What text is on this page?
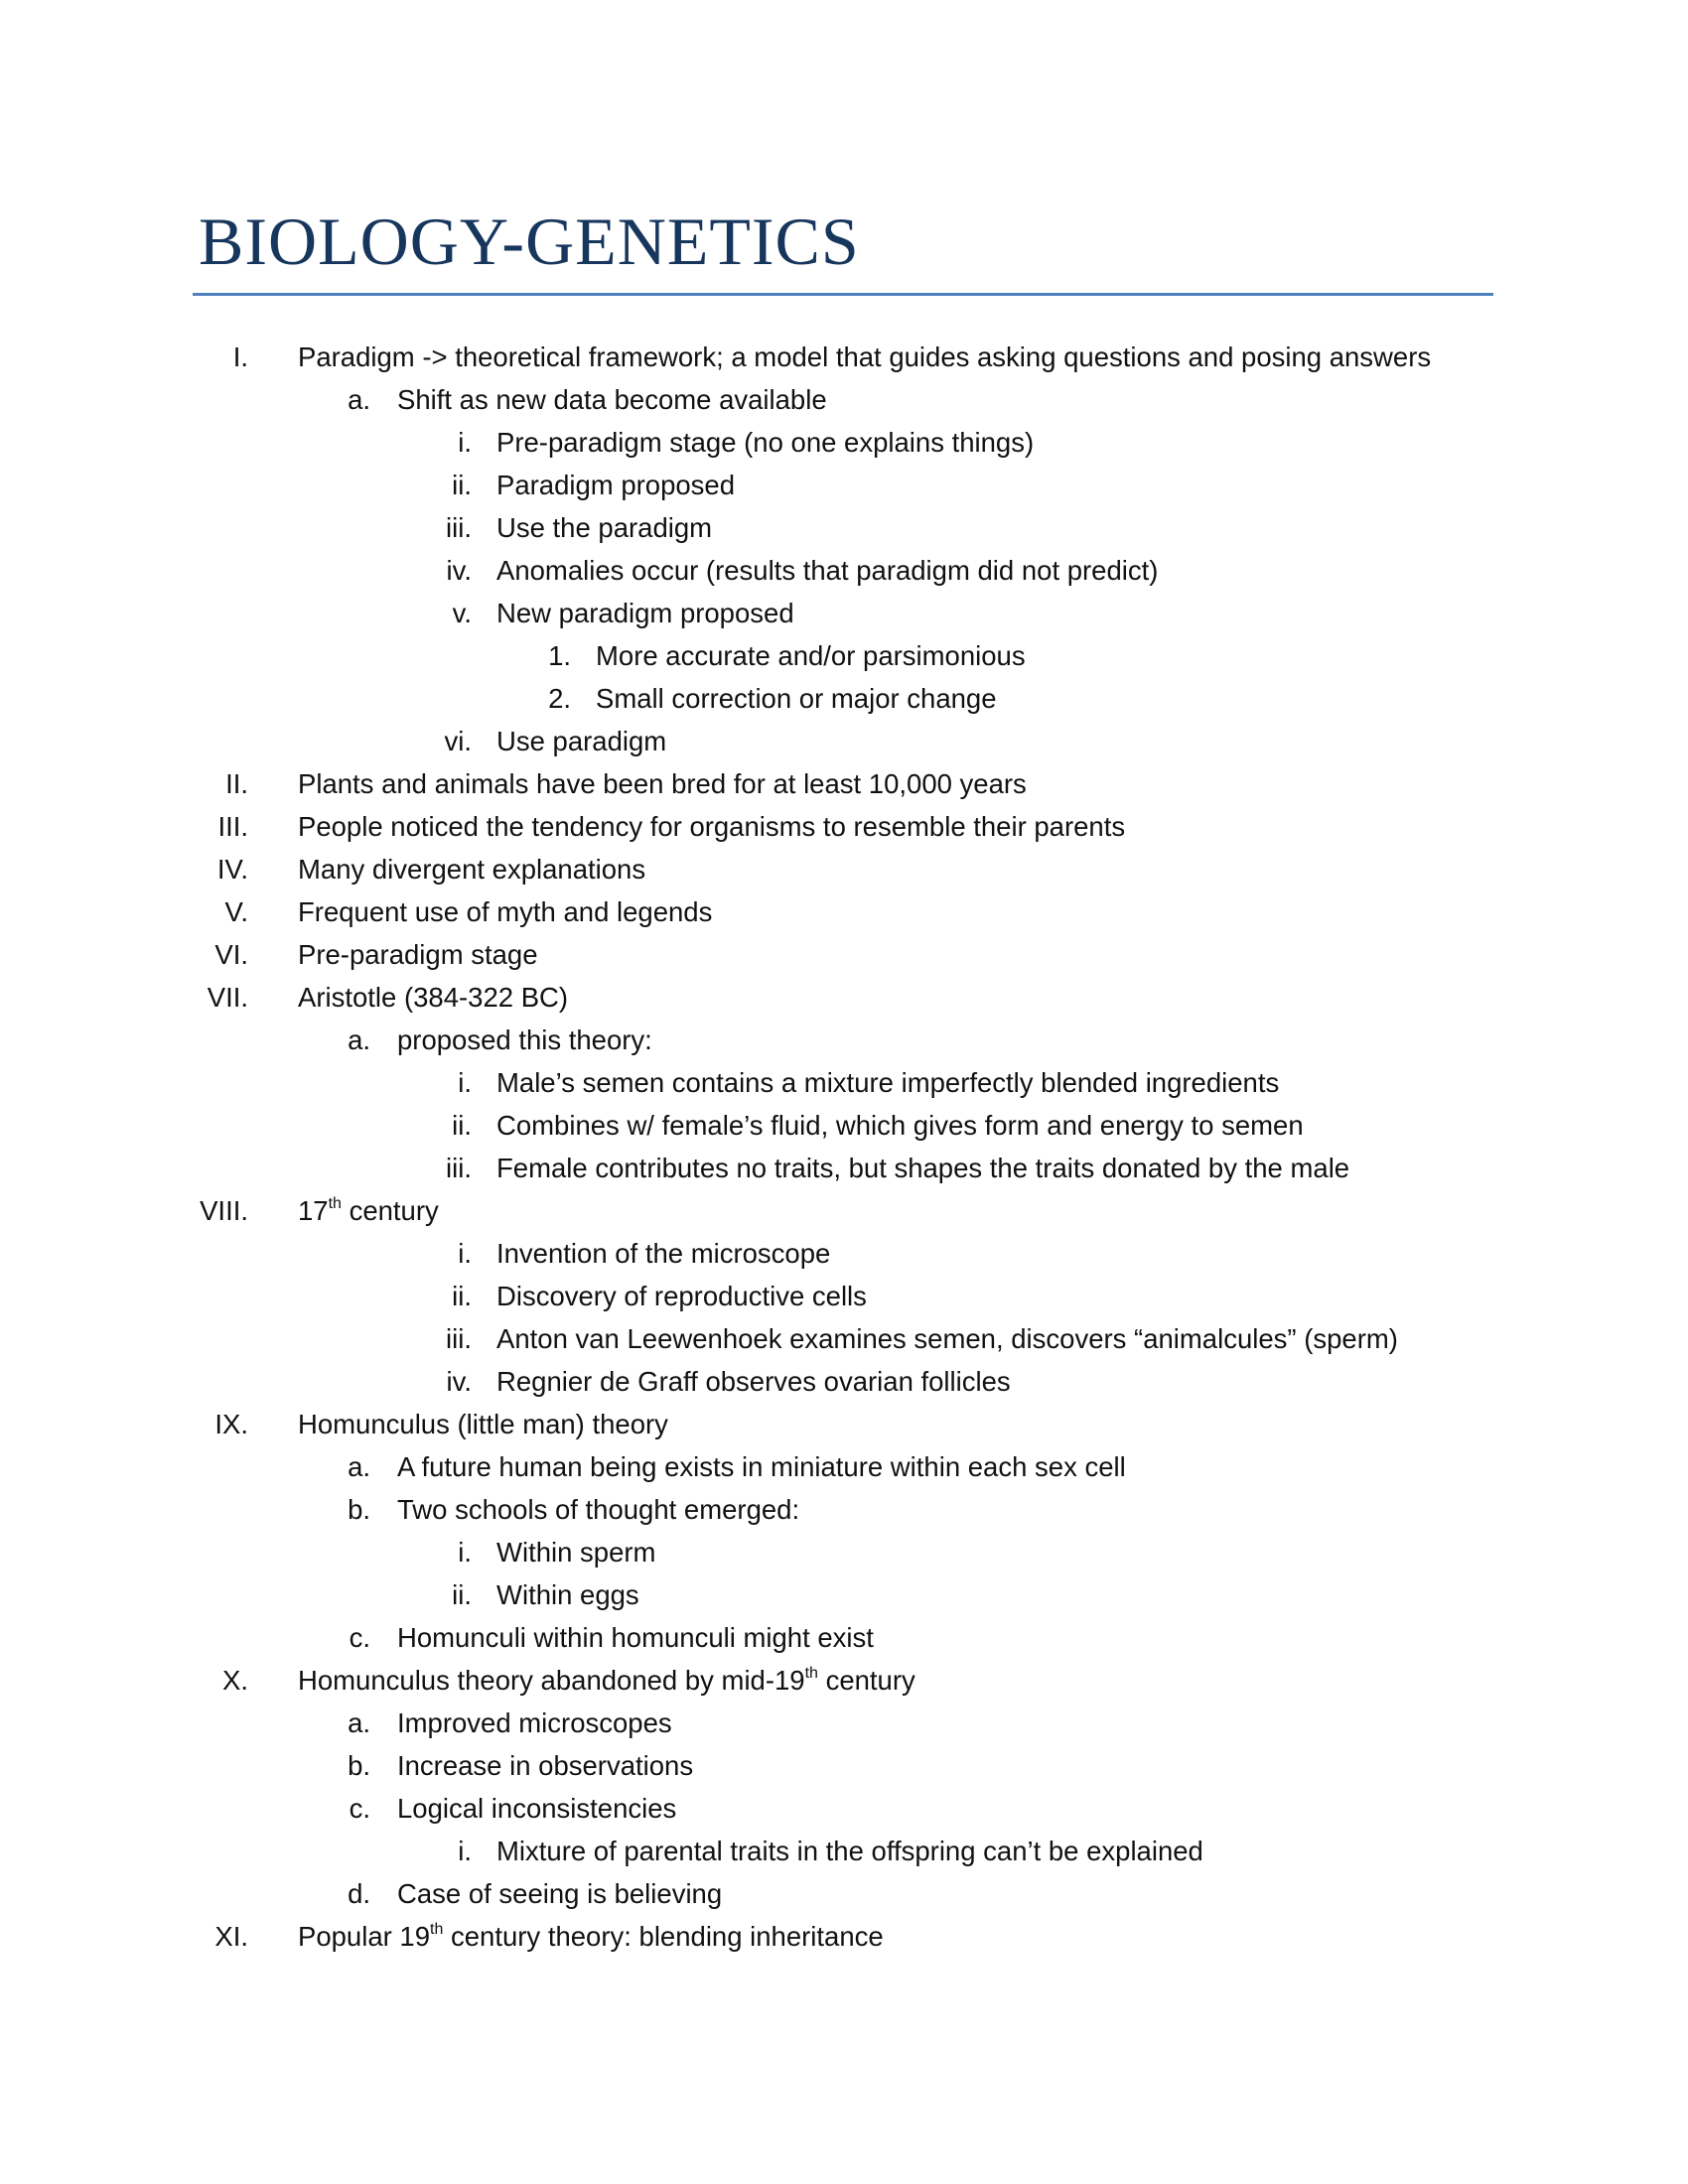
BIOLOGY-GENETICS
I. Paradigm -> theoretical framework; a model that guides asking questions and posing answers
a. Shift as new data become available
i. Pre-paradigm stage (no one explains things)
ii. Paradigm proposed
iii. Use the paradigm
iv. Anomalies occur (results that paradigm did not predict)
v. New paradigm proposed
1. More accurate and/or parsimonious
2. Small correction or major change
vi. Use paradigm
II. Plants and animals have been bred for at least 10,000 years
III. People noticed the tendency for organisms to resemble their parents
IV. Many divergent explanations
V. Frequent use of myth and legends
VI. Pre-paradigm stage
VII. Aristotle (384-322 BC)
a. proposed this theory:
i. Male’s semen contains a mixture imperfectly blended ingredients
ii. Combines w/ female’s fluid, which gives form and energy to semen
iii. Female contributes no traits, but shapes the traits donated by the male
VIII. 17th century
i. Invention of the microscope
ii. Discovery of reproductive cells
iii. Anton van Leewenhoek examines semen, discovers “animalcules” (sperm)
iv. Regnier de Graff observes ovarian follicles
IX. Homunculus (little man) theory
a. A future human being exists in miniature within each sex cell
b. Two schools of thought emerged:
i. Within sperm
ii. Within eggs
c. Homunculi within homunculi might exist
X. Homunculus theory abandoned by mid-19th century
a. Improved microscopes
b. Increase in observations
c. Logical inconsistencies
i. Mixture of parental traits in the offspring can’t be explained
d. Case of seeing is believing
XI. Popular 19th century theory: blending inheritance
